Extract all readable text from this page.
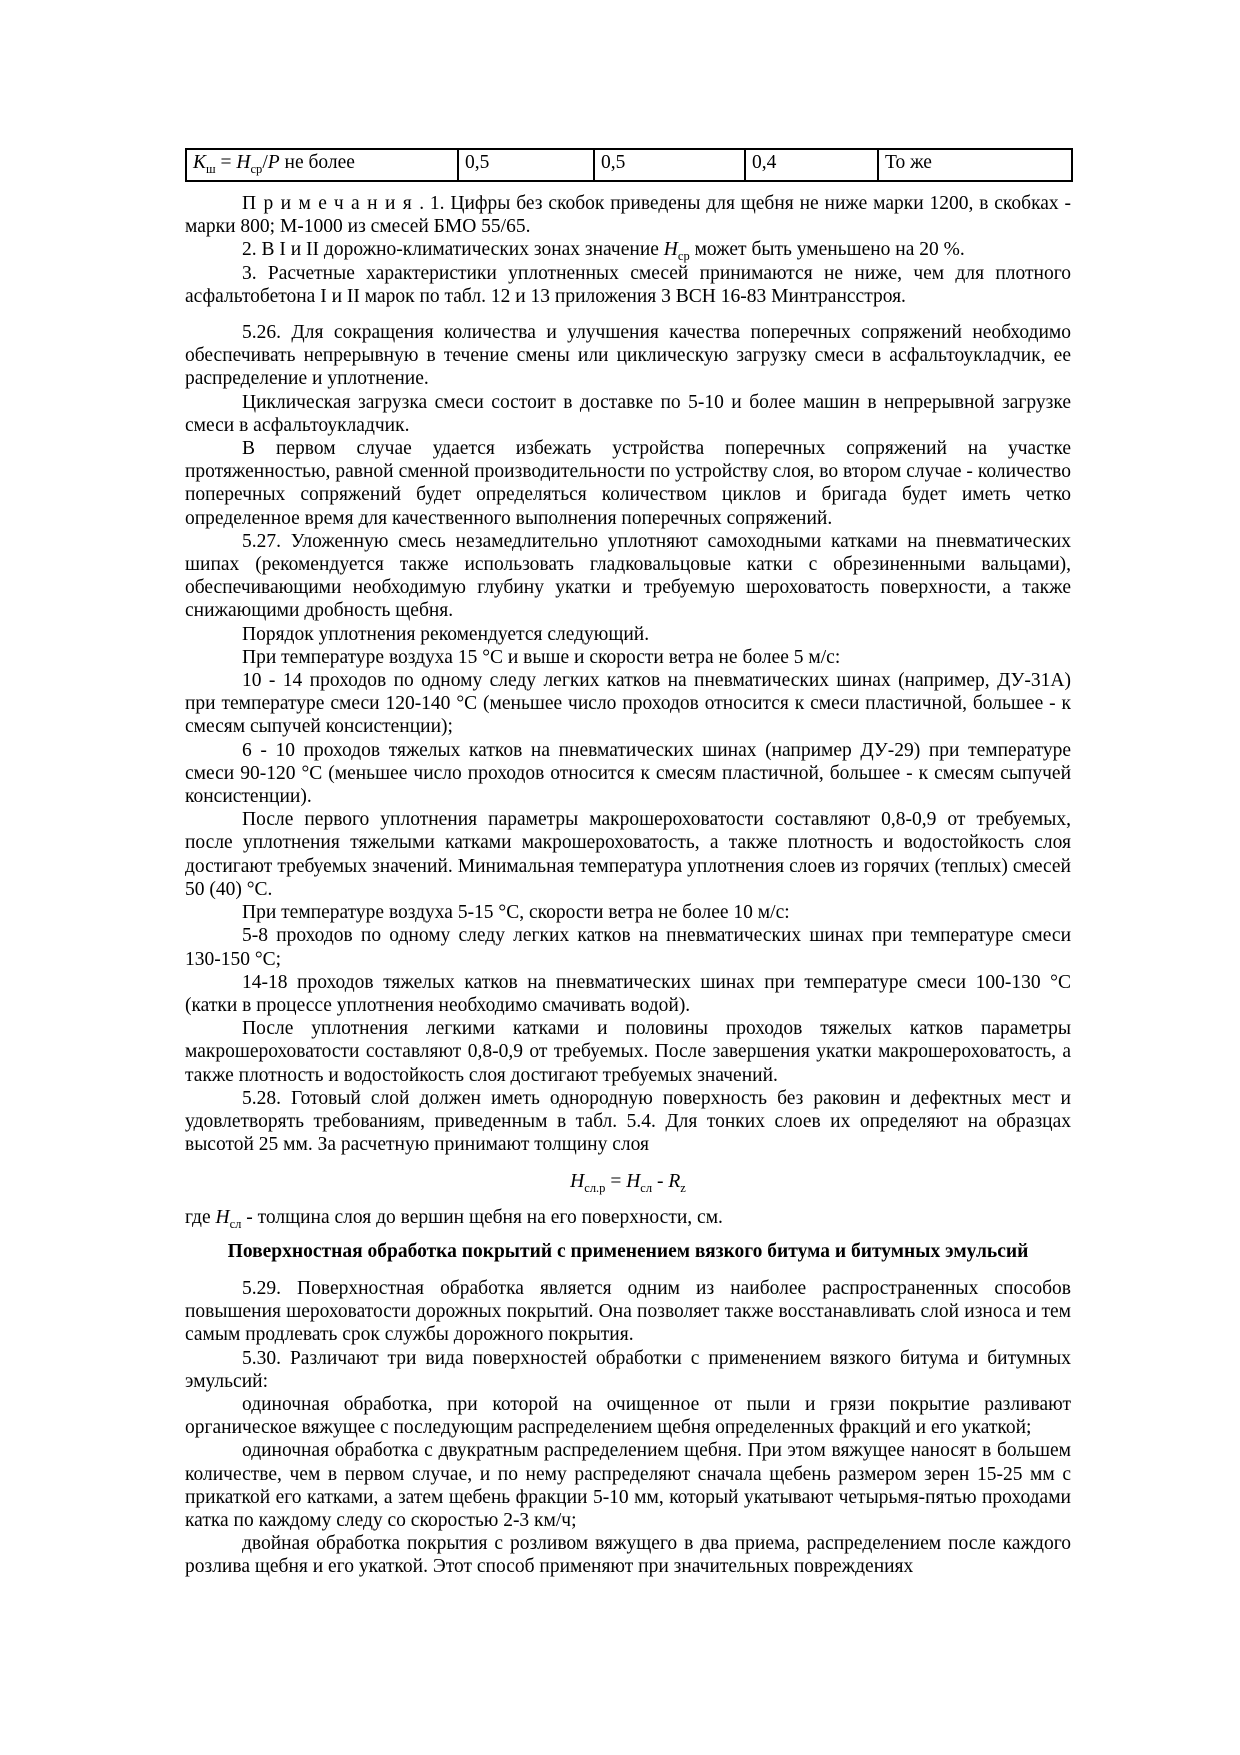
$K_ш = H_{ср}/P$ не более	0,5	0,5	0,4	То же

Примечания. 1. Цифры без скобок приведены для щебня не ниже марки 1200, в скобках - марки 800; М-1000 из смесей БМО 55/65.

2. В I и II дорожно-климатических зонах значение $H_{ср}$ может быть уменьшено на 20 %.

3. Расчетные характеристики уплотненных смесей принимаются не ниже, чем для плотного асфальтобетона I и II марок по табл. 12 и 13 приложения 3 ВСН 16-83 Минтрансстроя.

5.26. Для сокращения количества и улучшения качества поперечных сопряжений необходимо обеспечивать непрерывную в течение смены или циклическую загрузку смеси в асфальтоукладчик, ее распределение и уплотнение.

Циклическая загрузка смеси состоит в доставке по 5-10 и более машин в непрерывной загрузке смеси в асфальтоукладчик.

В первом случае удается избежать устройства поперечных сопряжений на участке протяженностью, равной сменной производительности по устройству слоя, во втором случае - количество поперечных сопряжений будет определяться количеством циклов и бригада будет иметь четко определенное время для качественного выполнения поперечных сопряжений.

5.27. Уложенную смесь незамедлительно уплотняют самоходными катками на пневматических шипах (рекомендуется также использовать гладковальцовые катки с обрезиненными вальцами), обеспечивающими необходимую глубину укатки и требуемую шероховатость поверхности, а также снижающими дробность щебня.

Порядок уплотнения рекомендуется следующий.

При температуре воздуха 15 °С и выше и скорости ветра не более 5 м/с:

10 - 14 проходов по одному следу легких катков на пневматических шинах (например, ДУ-31А) при температуре смеси 120-140 °С (меньшее число проходов относится к смеси пластичной, большее - к смесям сыпучей консистенции);

6 - 10 проходов тяжелых катков на пневматических шинах (например ДУ-29) при температуре смеси 90-120 °С (меньшее число проходов относится к смесям пластичной, большее - к смесям сыпучей консистенции).

После первого уплотнения параметры макрошероховатости составляют 0,8-0,9 от требуемых, после уплотнения тяжелыми катками макрошероховатость, а также плотность и водостойкость слоя достигают требуемых значений. Минимальная температура уплотнения слоев из горячих (теплых) смесей 50 (40) °С.

При температуре воздуха 5-15 °С, скорости ветра не более 10 м/с:

5-8 проходов по одному следу легких катков на пневматических шинах при температуре смеси 130-150 °С;

14-18 проходов тяжелых катков на пневматических шинах при температуре смеси 100-130 °С (катки в процессе уплотнения необходимо смачивать водой).

После уплотнения легкими катками и половины проходов тяжелых катков параметры макрошероховатости составляют 0,8-0,9 от требуемых. После завершения укатки макрошероховатость, а также плотность и водостойкость слоя достигают требуемых значений.

5.28. Готовый слой должен иметь однородную поверхность без раковин и дефектных мест и удовлетворять требованиям, приведенным в табл. 5.4. Для тонких слоев их определяют на образцах высотой 25 мм. За расчетную принимают толщину слоя

$H_{сл.р} = H_{сл} - R_z$

где $H_{сл}$ - толщина слоя до вершин щебня на его поверхности, см.

Поверхностная обработка покрытий с применением вязкого битума и битумных эмульсий

5.29. Поверхностная обработка является одним из наиболее распространенных способов повышения шероховатости дорожных покрытий. Она позволяет также восстанавливать слой износа и тем самым продлевать срок службы дорожного покрытия.

5.30. Различают три вида поверхностей обработки с применением вязкого битума и битумных эмульсий:

одиночная обработка, при которой на очищенное от пыли и грязи покрытие разливают органическое вяжущее с последующим распределением щебня определенных фракций и его укаткой;

одиночная обработка с двукратным распределением щебня. При этом вяжущее наносят в большем количестве, чем в первом случае, и по нему распределяют сначала щебень размером зерен 15-25 мм с прикаткой его катками, а затем щебень фракции 5-10 мм, который укатывают четырьмя-пятью проходами катка по каждому следу со скоростью 2-3 км/ч;

двойная обработка покрытия с розливом вяжущего в два приема, распределением после каждого розлива щебня и его укаткой. Этот способ применяют при значительных повреждениях
